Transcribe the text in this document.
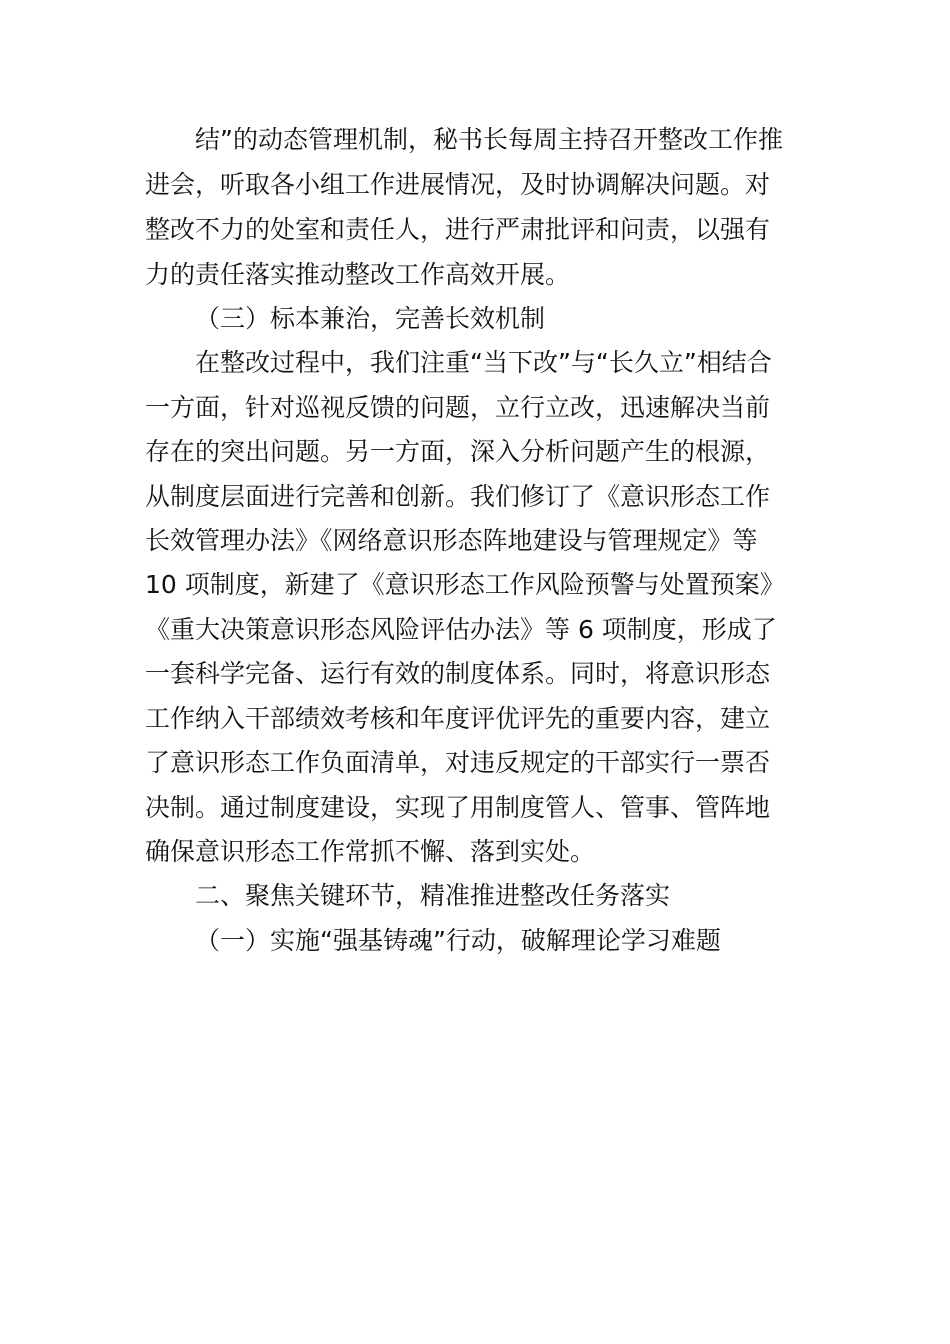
结”的动态管理机制，秘书长每周主持召开整改工作推
进会，听取各小组工作进展情况，及时协调解决问题。对
整改不力的处室和责任人，进行严肃批评和问责，以强有
力的责任落实推动整改工作高效开展。
（三）标本兼治，完善长效机制
在整改过程中，我们注重“当下改”与“长久立”相结合
一方面，针对巡视反馈的问题，立行立改，迅速解决当前
存在的突出问题。另一方面，深入分析问题产生的根源，
从制度层面进行完善和创新。我们修订了《意识形态工作
长效管理办法》《网络意识形态阵地建设与管理规定》等
10 项制度，新建了《意识形态工作风险预警与处置预案》
《重大决策意识形态风险评估办法》等 6 项制度，形成了
一套科学完备、运行有效的制度体系。同时，将意识形态
工作纳入干部绩效考核和年度评优评先的重要内容，建立
了意识形态工作负面清单，对违反规定的干部实行一票否
决制。通过制度建设，实现了用制度管人、管事、管阵地
确保意识形态工作常抓不懈、落到实处。
二、聚焦关键环节，精准推进整改任务落实
（一）实施“强基铸魂”行动，破解理论学习难题
